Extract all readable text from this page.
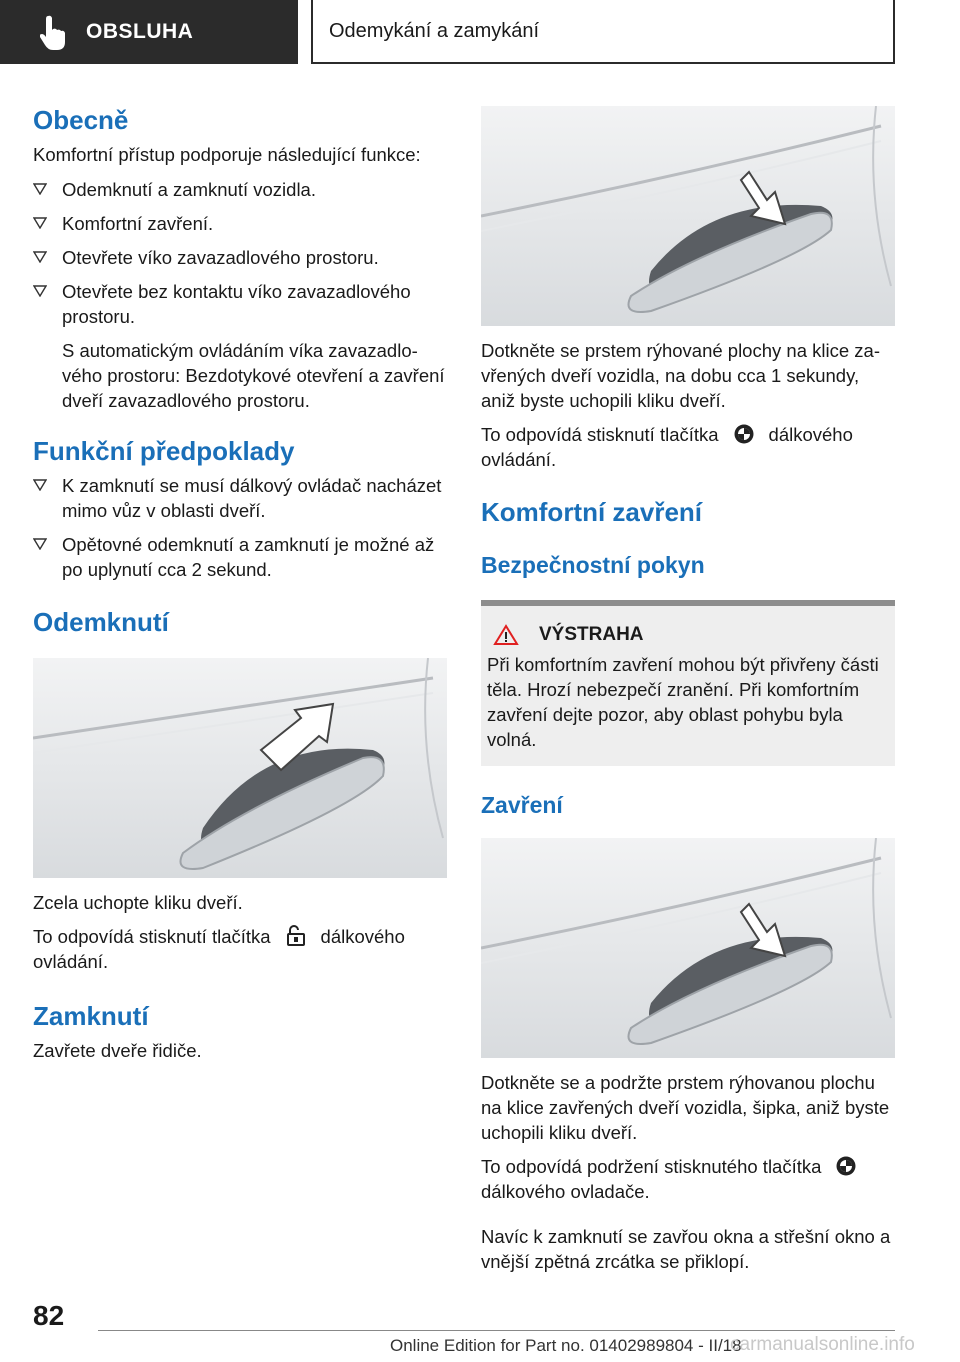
OBSLUHA	Odemykání a zamykání
Obecně

Komfortní přístup podporuje následující funkce:

Odemknutí a zamknutí vozidla.
Komfortní zavření.
Otevřete víko zavazadlového prostoru.
Otevřete bez kontaktu víko zavazadlového prostoru.

S automatickým ovládáním víka zavazadlového prostoru: Bezdotykové otevření a zavření dveří zavazadlového prostoru.

Funkční předpoklady
K zamknutí se musí dálkový ovládač nacházet mimo vůz v oblasti dveří.
Opětovné odemknutí a zamknutí je možné až po uplynutí cca 2 sekund.
Odemknutí

Zcela uchopte kliku dveří.

To odpovídá stisknutí tlačítka	dálkového ovládání.

Zamknutí

Zavřete dveře řidiče.

Dotkněte se prstem rýhované plochy na klice zavřených dveří vozidla, na dobu cca 1 sekundy, aniž byste uchopili kliku dveří.

To odpovídá stisknutí tlačítka	dálkového ovládání.

Komfortní zavření
Bezpečnostní pokyn
VÝSTRAHA

Při komfortním zavření mohou být přivřeny části těla. Hrozí nebezpečí zranění. Při komfortním zavření dejte pozor, aby oblast pohybu byla volná.

Zavření

Dotkněte se a podržte prstem rýhovanou plochu na klice zavřených dveří vozidla, šipka, aniž byste uchopili kliku dveří.

To odpovídá podržení stisknutého tlačítkadálkového ovladače.

Navíc k zamknutí se zavřou okna a střešní okno a vnější zpětná zrcátka se přiklopí.

82
Online Edition for Part no. 01402989804 - II/18
carmanualsonline.info
